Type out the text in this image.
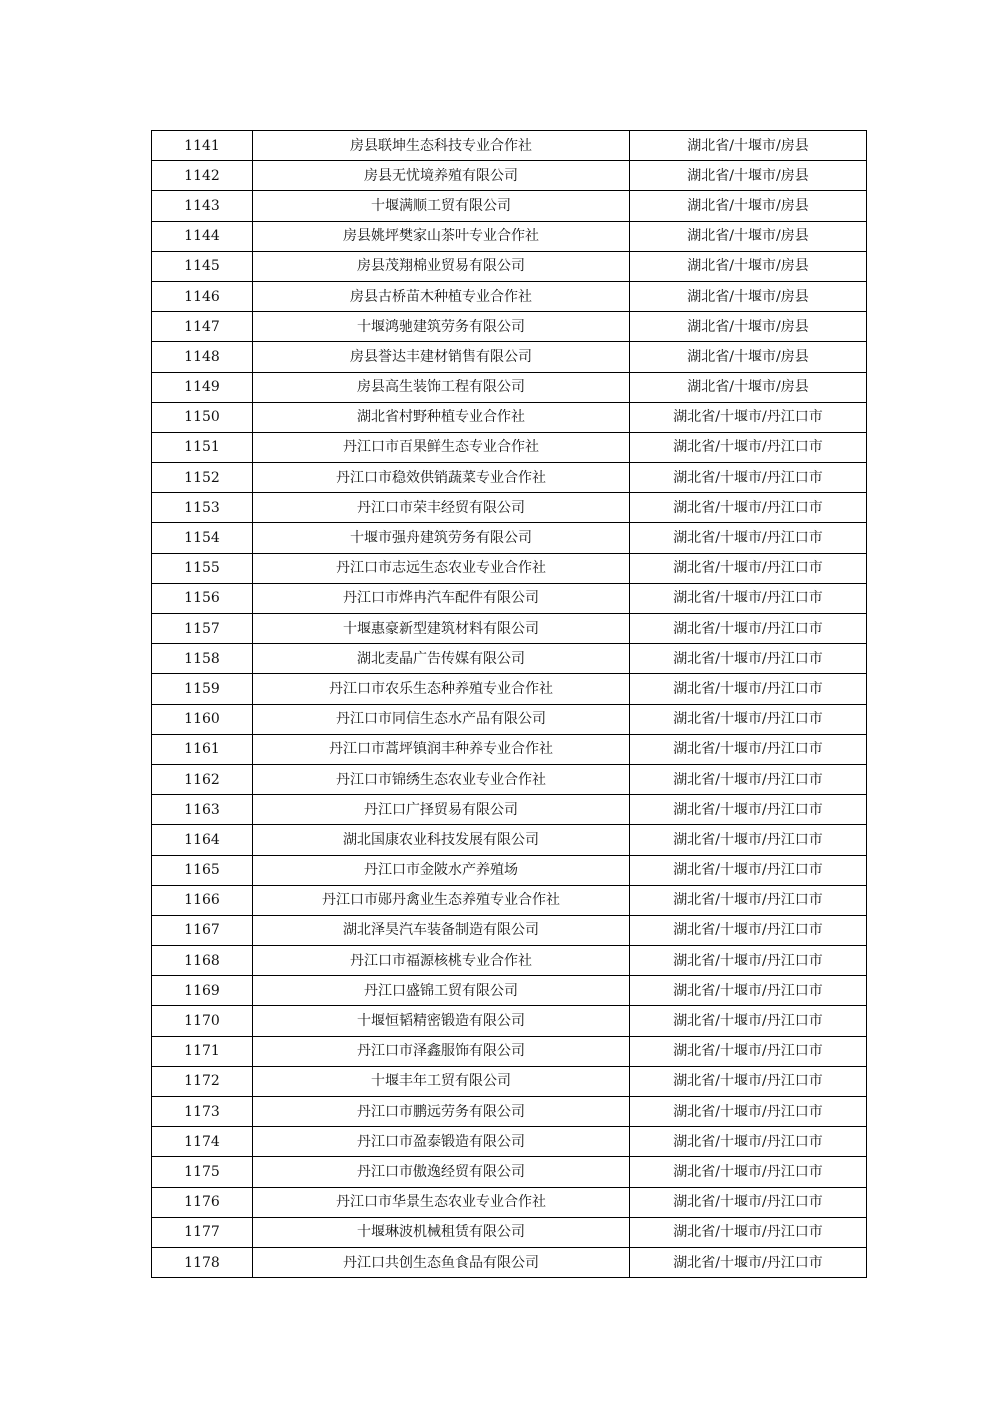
1141	房县联坤生态科技专业合作社	湖北省/十堰市/房县
1142	房县无忧境养殖有限公司	湖北省/十堰市/房县
1143	十堰满顺工贸有限公司	湖北省/十堰市/房县
1144	房县姚坪樊家山茶叶专业合作社	湖北省/十堰市/房县
1145	房县茂翔棉业贸易有限公司	湖北省/十堰市/房县
1146	房县古桥苗木种植专业合作社	湖北省/十堰市/房县
1147	十堰鸿驰建筑劳务有限公司	湖北省/十堰市/房县
1148	房县誉达丰建材销售有限公司	湖北省/十堰市/房县
1149	房县高生装饰工程有限公司	湖北省/十堰市/房县
1150	湖北省村野种植专业合作社	湖北省/十堰市/丹江口市
1151	丹江口市百果鲜生态专业合作社	湖北省/十堰市/丹江口市
1152	丹江口市稳效供销蔬菜专业合作社	湖北省/十堰市/丹江口市
1153	丹江口市荣丰经贸有限公司	湖北省/十堰市/丹江口市
1154	十堰市强舟建筑劳务有限公司	湖北省/十堰市/丹江口市
1155	丹江口市志远生态农业专业合作社	湖北省/十堰市/丹江口市
1156	丹江口市烨冉汽车配件有限公司	湖北省/十堰市/丹江口市
1157	十堰惠豪新型建筑材料有限公司	湖北省/十堰市/丹江口市
1158	湖北麦晶广告传媒有限公司	湖北省/十堰市/丹江口市
1159	丹江口市农乐生态种养殖专业合作社	湖北省/十堰市/丹江口市
1160	丹江口市同信生态水产品有限公司	湖北省/十堰市/丹江口市
1161	丹江口市蒿坪镇润丰种养专业合作社	湖北省/十堰市/丹江口市
1162	丹江口市锦绣生态农业专业合作社	湖北省/十堰市/丹江口市
1163	丹江口广择贸易有限公司	湖北省/十堰市/丹江口市
1164	湖北国康农业科技发展有限公司	湖北省/十堰市/丹江口市
1165	丹江口市金陂水产养殖场	湖北省/十堰市/丹江口市
1166	丹江口市郧丹禽业生态养殖专业合作社	湖北省/十堰市/丹江口市
1167	湖北泽昊汽车装备制造有限公司	湖北省/十堰市/丹江口市
1168	丹江口市福源核桃专业合作社	湖北省/十堰市/丹江口市
1169	丹江口盛锦工贸有限公司	湖北省/十堰市/丹江口市
1170	十堰恒韬精密锻造有限公司	湖北省/十堰市/丹江口市
1171	丹江口市泽鑫服饰有限公司	湖北省/十堰市/丹江口市
1172	十堰丰年工贸有限公司	湖北省/十堰市/丹江口市
1173	丹江口市鹏远劳务有限公司	湖北省/十堰市/丹江口市
1174	丹江口市盈泰锻造有限公司	湖北省/十堰市/丹江口市
1175	丹江口市傲逸经贸有限公司	湖北省/十堰市/丹江口市
1176	丹江口市华景生态农业专业合作社	湖北省/十堰市/丹江口市
1177	十堰琳波机械租赁有限公司	湖北省/十堰市/丹江口市
1178	丹江口共创生态鱼食品有限公司	湖北省/十堰市/丹江口市
